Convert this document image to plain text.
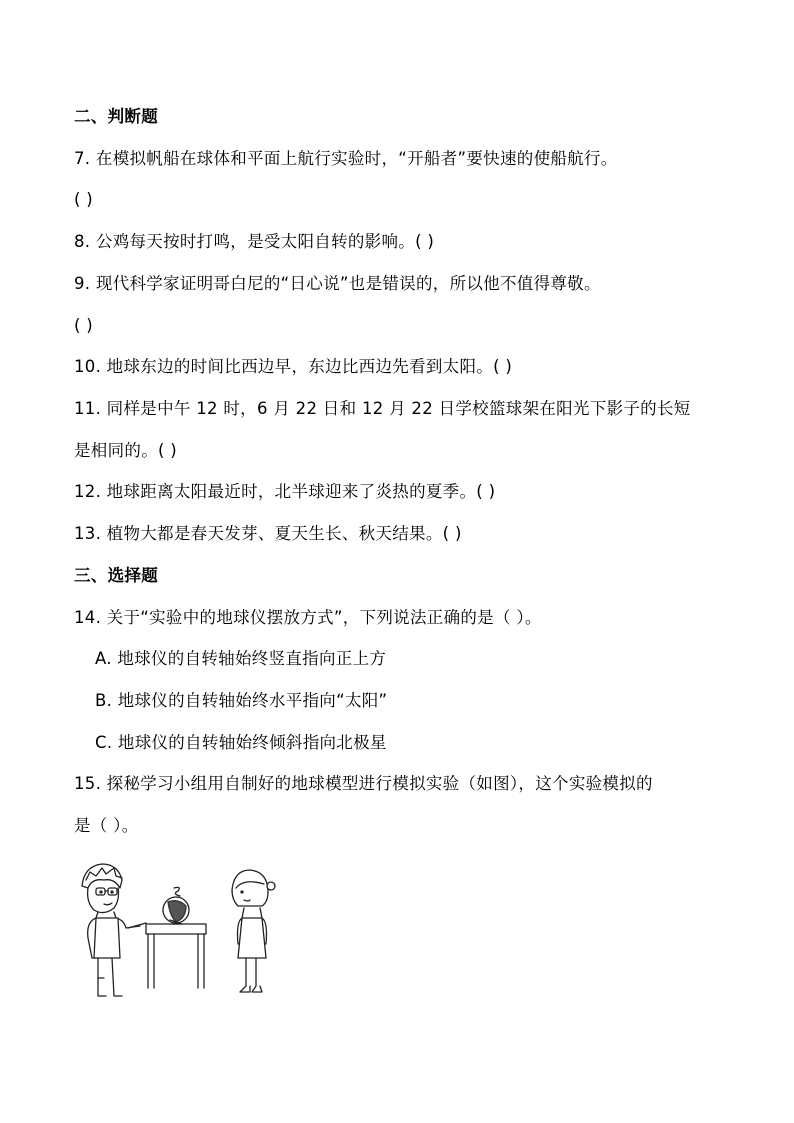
二、判断题
7. 在模拟帆船在球体和平面上航行实验时，“开船者”要快速的使船航行。
( )
8. 公鸡每天按时打鸣，是受太阳自转的影响。( )
9. 现代科学家证明哥白尼的“日心说”也是错误的，所以他不值得尊敬。
( )
10. 地球东边的时间比西边早，东边比西边先看到太阳。( )
11. 同样是中午 12 时，6 月 22 日和 12 月 22 日学校篮球架在阳光下影子的长短
是相同的。( )
12. 地球距离太阳最近时，北半球迎来了炎热的夏季。( )
13. 植物大都是春天发芽、夏天生长、秋天结果。( )
三、选择题
14. 关于“实验中的地球仪摆放方式”，下列说法正确的是（ ）。
A. 地球仪的自转轴始终竖直指向正上方
B. 地球仪的自转轴始终水平指向“太阳”
C. 地球仪的自转轴始终倾斜指向北极星
15. 探秘学习小组用自制好的地球模型进行模拟实验（如图），这个实验模拟的
是（ ）。
